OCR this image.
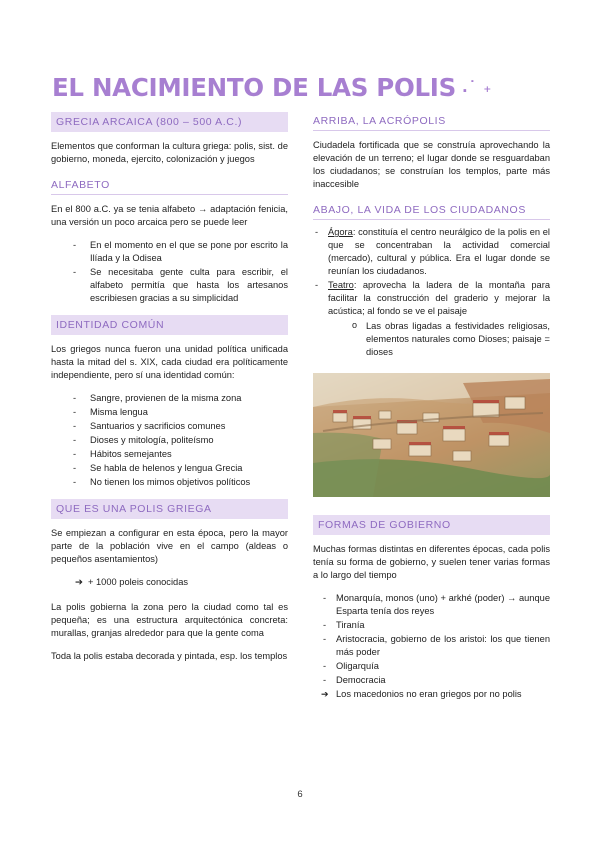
EL NACIMIENTO DE LAS POLIS .˙ ₊
GRECIA ARCAICA (800 – 500 A.C.)

Elementos que conforman la cultura griega: polis, sist. de gobierno, moneda, ejercito, colonización y juegos

ALFABETO

En el 800 a.C. ya se tenia alfabeto → adaptación fenicia, una versión un poco arcaica pero se puede leer

- En el momento en el que se pone por escrito la Ilíada y la Odisea
- Se necesitaba gente culta para escribir, el alfabeto permitía que hasta los artesanos escribiesen gracias a su simplicidad
IDENTIDAD COMÚN

Los griegos nunca fueron una unidad política unificada hasta la mitad del s. XIX, cada ciudad era políticamente independiente, pero sí una identidad común:

- Sangre, provienen de la misma zona
- Misma lengua
- Santuarios y sacrificios comunes
- Dioses y mitología, politeísmo
- Hábitos semejantes
- Se habla de helenos y lengua Grecia
- No tienen los mimos objetivos políticos
QUE ES UNA POLIS GRIEGA

Se empiezan a configurar en esta época, pero la mayor parte de la población vive en el campo (aldeas o pequeños asentamientos)

➔ + 1000 poleis conocidas

La polis gobierna la zona pero la ciudad como tal es pequeña; es una estructura arquitectónica concreta: murallas, granjas alrededor para que la gente coma

Toda la polis estaba decorada y pintada, esp. los templos

ARRIBA, LA ACRÓPOLIS

Ciudadela fortificada que se construía aprovechando la elevación de un terreno; el lugar donde se resguardaban los ciudadanos; se construían los templos, parte más inaccesible

ABAJO, LA VIDA DE LOS CIUDADANOS
- Ágora: constituía el centro neurálgico de la polis en el que se concentraban la actividad comercial (mercado), cultural y pública. Era el lugar donde se reunían los ciudadanos.
- Teatro: aprovecha la ladera de la montaña para facilitar la construcción del graderio y mejorar la acústica; al fondo se ve el paisaje
o Las obras ligadas a festividades religiosas, elementos naturales como Dioses; paisaje = dioses
FORMAS DE GOBIERNO

Muchas formas distintas en diferentes épocas, cada polis tenía su forma de gobierno, y suelen tener varias formas a lo largo del tiempo

- Monarquía, monos (uno) + arkhé (poder) → aunque Esparta tenía dos reyes
- Tiranía
- Aristocracia, gobierno de los aristoi: los que tienen más poder
- Oligarquía
- Democracia
➔ Los macedonios no eran griegos por no polis
6
